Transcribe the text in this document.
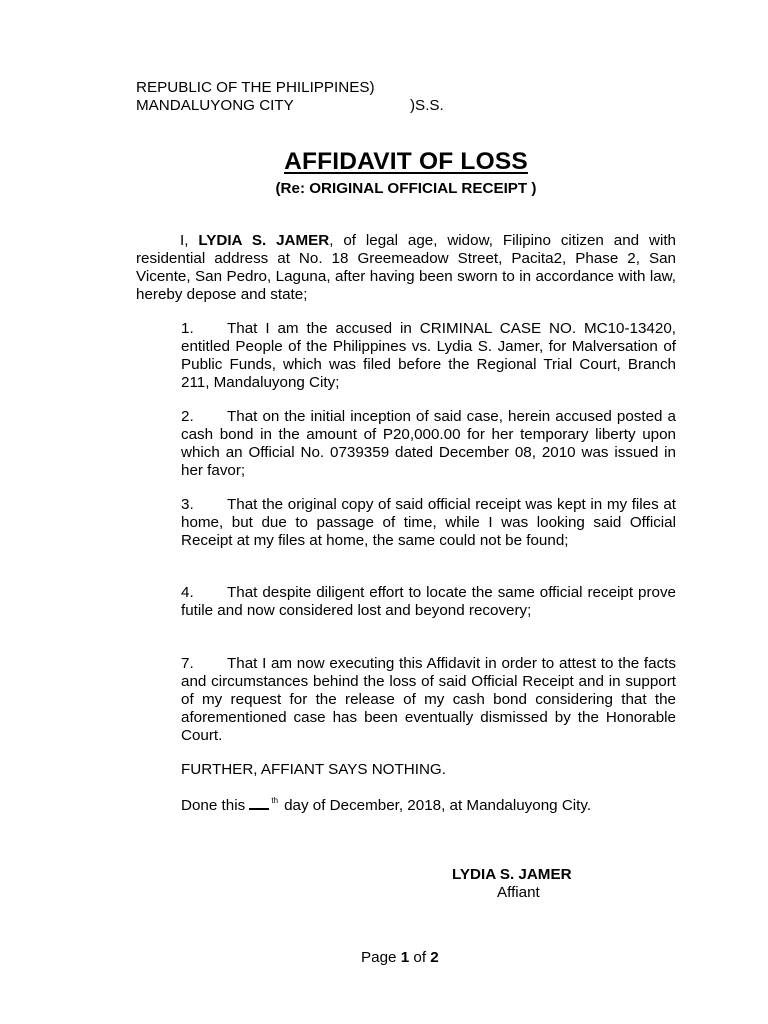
REPUBLIC OF THE PHILIPPINES)
MANDALUYONG CITY	)S.S.
AFFIDAVIT OF LOSS
(Re: ORIGINAL OFFICIAL RECEIPT )
I, LYDIA S. JAMER, of legal age, widow, Filipino citizen and with residential address at No. 18 Greemeadow Street, Pacita2, Phase 2, San Vicente, San Pedro, Laguna, after having been sworn to in accordance with law, hereby depose and state;
1. That I am the accused in CRIMINAL CASE NO. MC10-13420, entitled People of the Philippines vs. Lydia S. Jamer, for Malversation of Public Funds, which was filed before the Regional Trial Court, Branch 211, Mandaluyong City;
2. That on the initial inception of said case, herein accused posted a cash bond in the amount of P20,000.00 for her temporary liberty upon which an Official No. 0739359 dated December 08, 2010 was issued in her favor;
3. That the original copy of said official receipt was kept in my files at home, but due to passage of time, while I was looking said Official Receipt at my files at home, the same could not be found;
4. That despite diligent effort to locate the same official receipt prove futile and now considered lost and beyond recovery;
7. That I am now executing this Affidavit in order to attest to the facts and circumstances behind the loss of said Official Receipt and in support of my request for the release of my cash bond considering that the aforementioned case has been eventually dismissed by the Honorable Court.
FURTHER, AFFIANT SAYS NOTHING.
Done this	$^{th}$ day of December, 2018, at Mandaluyong City.
LYDIA S. JAMER
Affiant
Page 1 of 2
